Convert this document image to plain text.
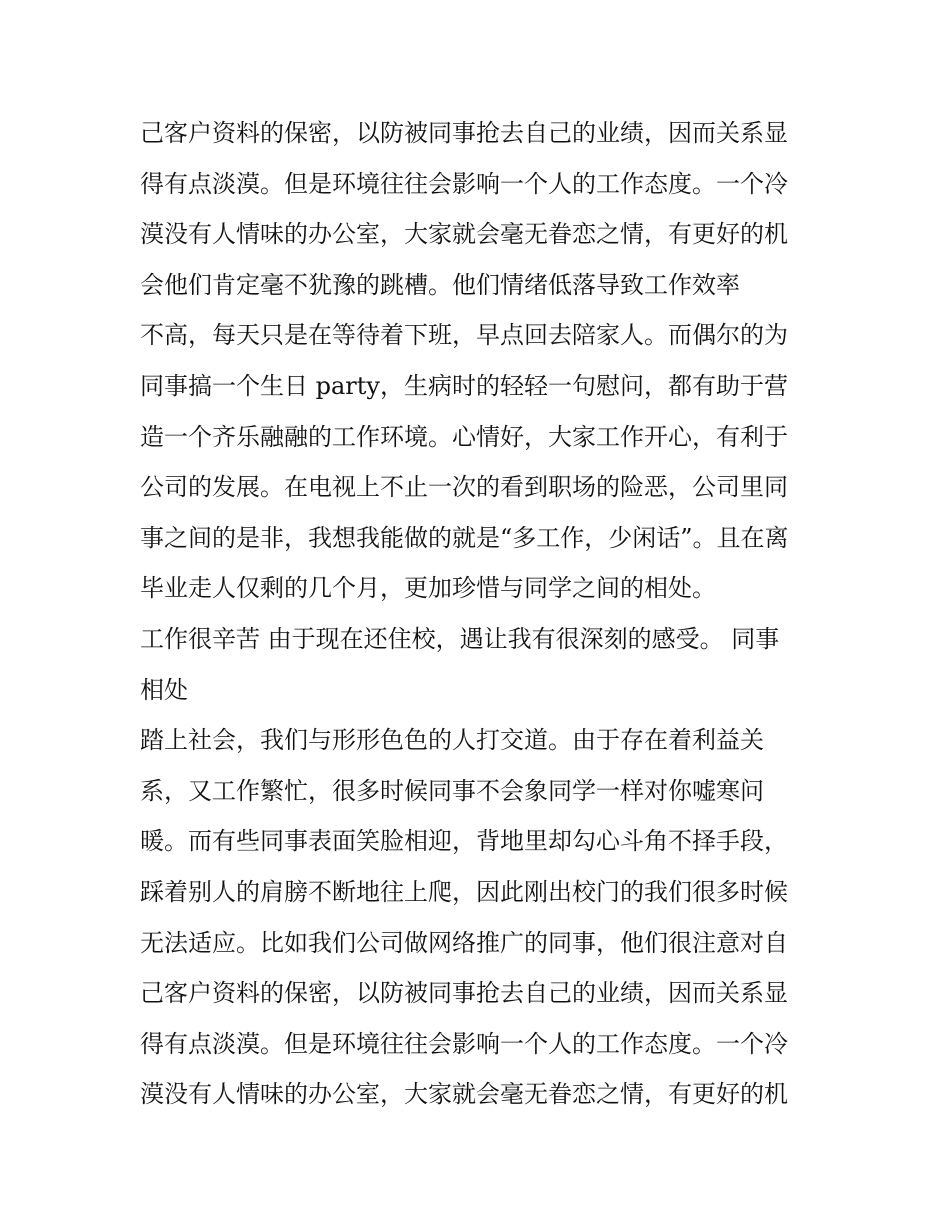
己客户资料的保密，以防被同事抢去自己的业绩，因而关系显
得有点淡漠。但是环境往往会影响一个人的工作态度。一个冷
漠没有人情味的办公室，大家就会毫无眷恋之情，有更好的机
会他们肯定毫不犹豫的跳槽。他们情绪低落导致工作效率
不高，每天只是在等待着下班，早点回去陪家人。而偶尔的为
同事搞一个生日 party，生病时的轻轻一句慰问，都有助于营
造一个齐乐融融的工作环境。心情好，大家工作开心，有利于
公司的发展。在电视上不止一次的看到职场的险恶，公司里同
事之间的是非，我想我能做的就是“多工作，少闲话”。且在离
毕业走人仅剩的几个月，更加珍惜与同学之间的相处。
工作很辛苦 由于现在还住校，遇让我有很深刻的感受。 同事
相处
踏上社会，我们与形形色色的人打交道。由于存在着利益关
系，又工作繁忙，很多时候同事不会象同学一样对你嘘寒问
暖。而有些同事表面笑脸相迎，背地里却勾心斗角不择手段，
踩着别人的肩膀不断地往上爬，因此刚出校门的我们很多时候
无法适应。比如我们公司做网络推广的同事，他们很注意对自
己客户资料的保密，以防被同事抢去自己的业绩，因而关系显
得有点淡漠。但是环境往往会影响一个人的工作态度。一个冷
漠没有人情味的办公室，大家就会毫无眷恋之情，有更好的机
